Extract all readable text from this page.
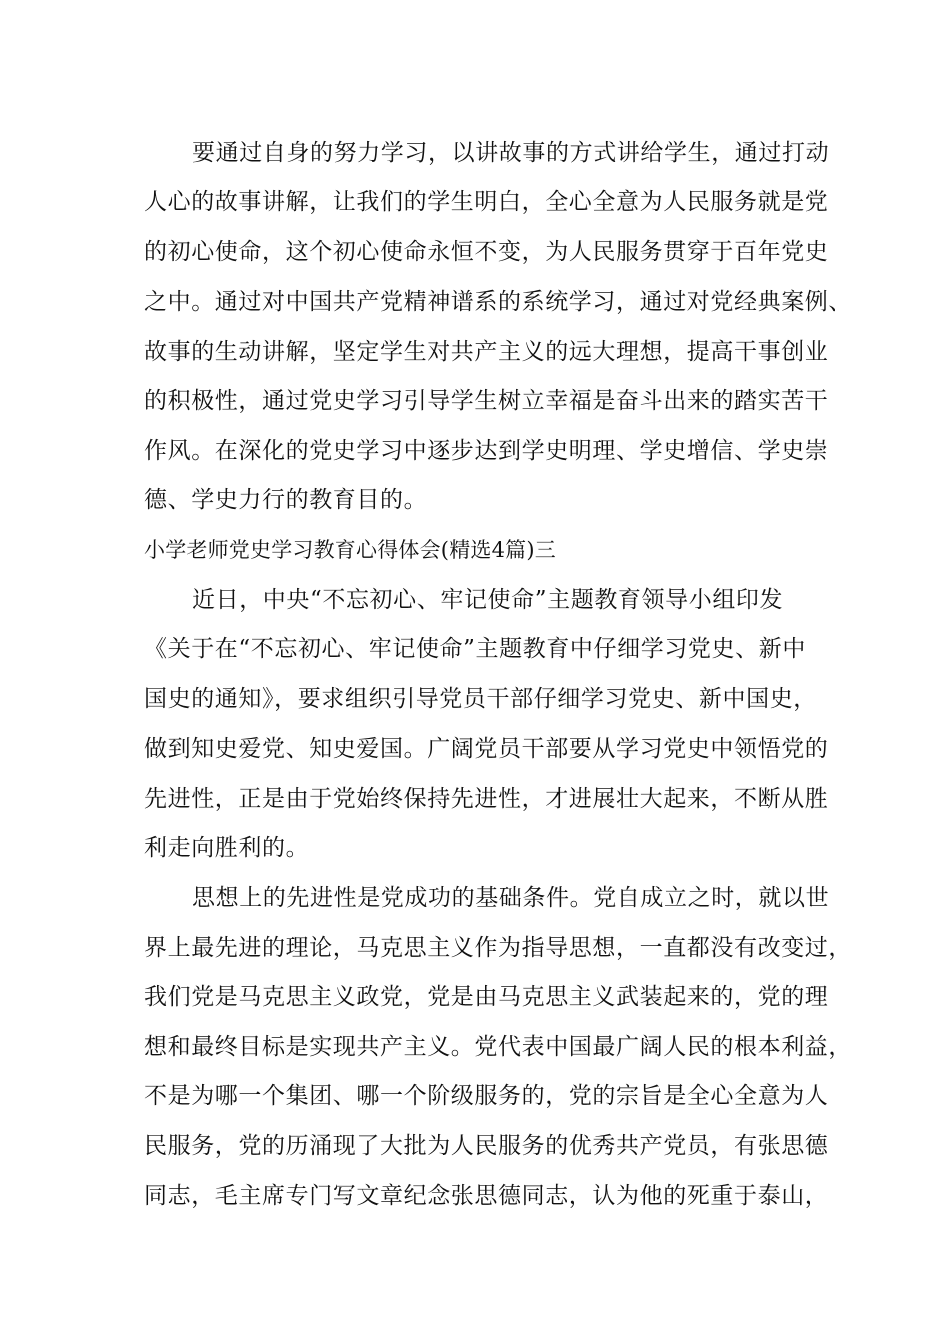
要通过自身的努力学习，以讲故事的方式讲给学生，通过打动
人心的故事讲解，让我们的学生明白，全心全意为人民服务就是党
的初心使命，这个初心使命永恒不变，为人民服务贯穿于百年党史
之中。通过对中国共产党精神谱系的系统学习，通过对党经典案例、
故事的生动讲解，坚定学生对共产主义的远大理想，提高干事创业
的积极性，通过党史学习引导学生树立幸福是奋斗出来的踏实苦干
作风。在深化的党史学习中逐步达到学史明理、学史增信、学史崇
德、学史力行的教育目的。
小学老师党史学习教育心得体会(精选4篇)三
近日，中央“不忘初心、牢记使命”主题教育领导小组印发
《关于在“不忘初心、牢记使命”主题教育中仔细学习党史、新中
国史的通知》，要求组织引导党员干部仔细学习党史、新中国史，
做到知史爱党、知史爱国。广阔党员干部要从学习党史中领悟党的
先进性，正是由于党始终保持先进性，才进展壮大起来，不断从胜
利走向胜利的。
思想上的先进性是党成功的基础条件。党自成立之时，就以世
界上最先进的理论，马克思主义作为指导思想，一直都没有改变过，
我们党是马克思主义政党，党是由马克思主义武装起来的，党的理
想和最终目标是实现共产主义。党代表中国最广阔人民的根本利益，
不是为哪一个集团、哪一个阶级服务的，党的宗旨是全心全意为人
民服务，党的历涌现了大批为人民服务的优秀共产党员，有张思德
同志，毛主席专门写文章纪念张思德同志，认为他的死重于泰山，
